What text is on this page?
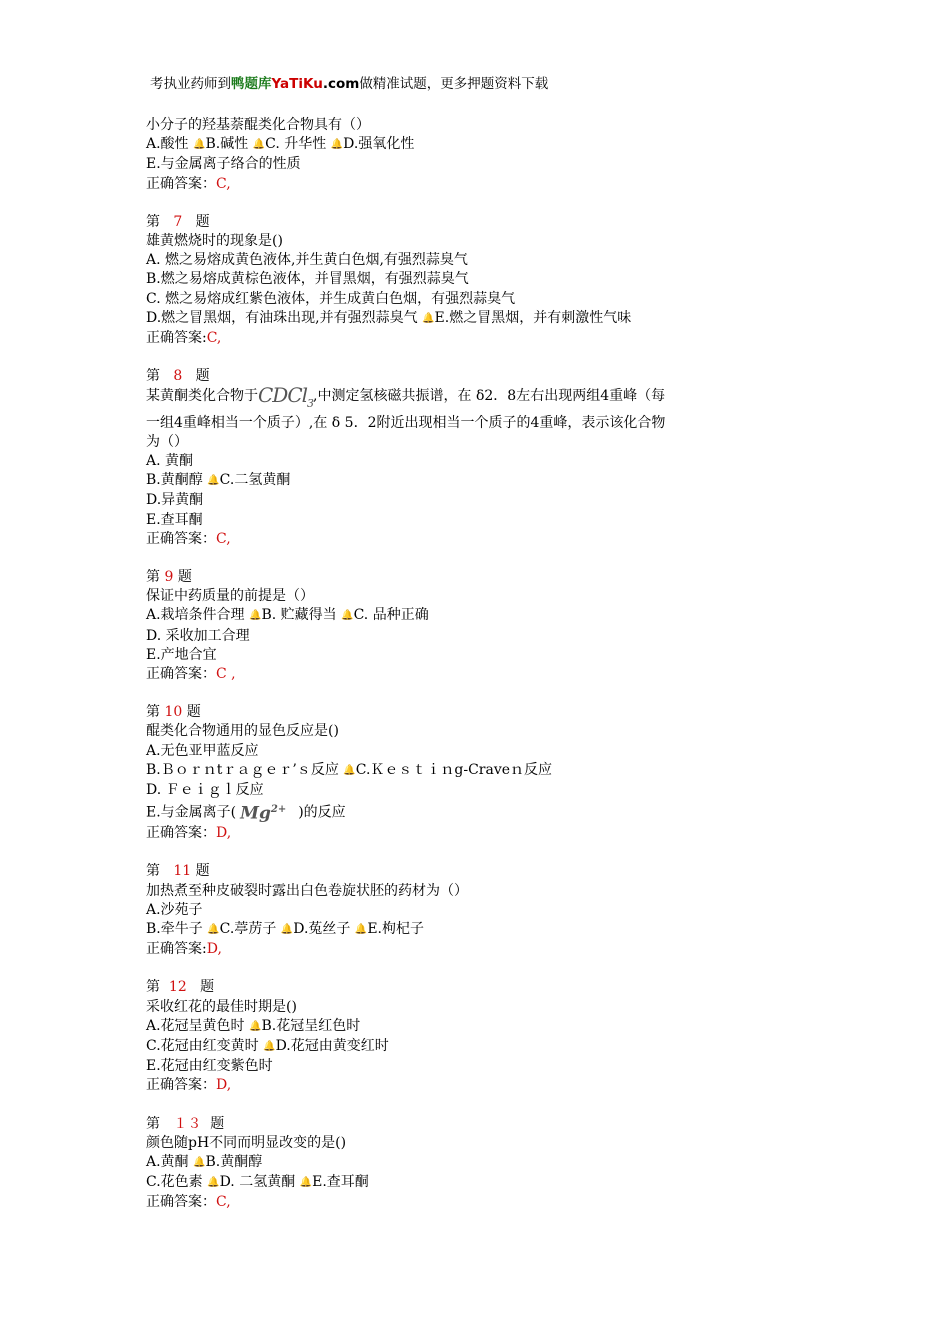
考执业药师到鸭题库YaTiKu.com做精准试题，更多押题资料下载
小分子的羟基萘醌类化合物具有（）
A.酸性 🔔B.碱性 🔔C. 升华性 🔔D.强氧化性
E.与金属离子络合的性质
正确答案：C,
第 7 题
雄黄燃烧时的现象是()
A. 燃之易熔成黄色液体,并生黄白色烟,有强烈蒜臭气
B.燃之易熔成黄棕色液体，并冒黑烟，有强烈蒜臭气
C. 燃之易熔成红紫色液体，并生成黄白色烟，有强烈蒜臭气
D.燃之冒黑烟，有油珠出现,并有强烈蒜臭气 🔔E.燃之冒黑烟，并有刺激性气味
正确答案:C,
第 8 题
某黄酮类化合物于CDCl$_3$,中测定氢核磁共振谱，在 δ2．8左右出现两组4重峰（每
一组4重峰相当一个质子）,在 δ 5．2附近出现相当一个质子的4重峰，表示该化合物
为（）
A. 黄酮
B.黄酮醇 🔔C.二氢黄酮
D.异黄酮
E.查耳酮
正确答案：C,
第 9 题
保证中药质量的前提是（）
A.栽培条件合理 🔔B. 贮藏得当 🔔C. 品种正确
D. 采收加工合理
E.产地合宜
正确答案：C ,
第 10 题
醌类化合物通用的显色反应是()
A.无色亚甲蓝反应
B.Ｂｏｒｎtｒａｇｅｒ’ｓ反应 🔔C.Ｋｅｓｔｉｎg-Craveｎ反应
D. Ｆｅｉｇｌ反应
E.与金属离子( $Mg^{2+}$ )的反应
正确答案：D,
第 11 题
加热煮至种皮破裂时露出白色卷旋状胚的药材为（）
A.沙苑子
B.牵牛子 🔔C.葶苈子 🔔D.菟丝子 🔔E.枸杞子
正确答案:D,
第 12 题
采收红花的最佳时期是()
A.花冠呈黄色时 🔔B.花冠呈红色时
C.花冠由红变黄时 🔔D.花冠由黄变红时
E.花冠由红变紫色时
正确答案：D,
第 １３ 题
颜色随pH不同而明显改变的是()
A.黄酮 🔔B.黄酮醇
C.花色素 🔔D. 二氢黄酮 🔔E.查耳酮
正确答案：C,
